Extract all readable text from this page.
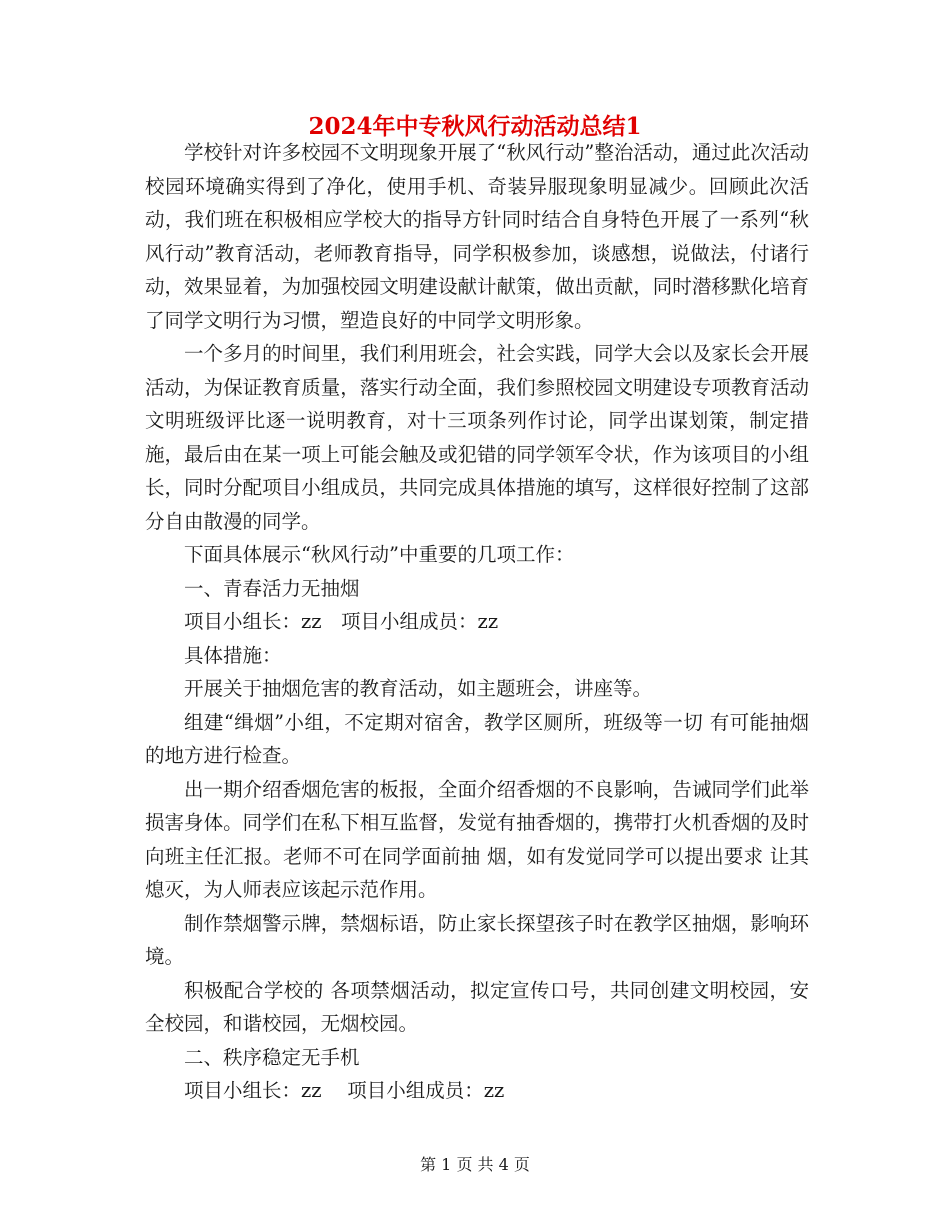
2024年中专秋风行动活动总结1

学校针对许多校园不文明现象开展了“秋风行动”整治活动，通过此次活动校园环境确实得到了净化，使用手机、奇装异服现象明显减少。回顾此次活动，我们班在积极相应学校大的指导方针同时结合自身特色开展了一系列“秋风行动”教育活动，老师教育指导，同学积极参加，谈感想，说做法，付诸行动，效果显着，为加强校园文明建设献计献策，做出贡献，同时潜移默化培育了同学文明行为习惯，塑造良好的中同学文明形象。

一个多月的时间里，我们利用班会，社会实践，同学大会以及家长会开展活动，为保证教育质量，落实行动全面，我们参照校园文明建设专项教育活动文明班级评比逐一说明教育，对十三项条列作讨论，同学出谋划策，制定措施，最后由在某一项上可能会触及或犯错的同学领军令状，作为该项目的小组长，同时分配项目小组成员，共同完成具体措施的填写，这样很好控制了这部分自由散漫的同学。

下面具体展示“秋风行动”中重要的几项工作：

一、青春活力无抽烟

项目小组长：zz　项目小组成员：zz

具体措施：

开展关于抽烟危害的教育活动，如主题班会，讲座等。

组建“缉烟”小组，不定期对宿舍，教学区厕所，班级等一切 有可能抽烟的地方进行检查。

出一期介绍香烟危害的板报，全面介绍香烟的不良影响，告诫同学们此举损害身体。同学们在私下相互监督，发觉有抽香烟的，携带打火机香烟的及时向班主任汇报。老师不可在同学面前抽 烟，如有发觉同学可以提出要求 让其熄灭，为人师表应该起示范作用。

制作禁烟警示牌，禁烟标语，防止家长探望孩子时在教学区抽烟，影响环境。

积极配合学校的 各项禁烟活动，拟定宣传口号，共同创建文明校园，安全校园，和谐校园，无烟校园。

二、秩序稳定无手机

项目小组长：zz　 项目小组成员：zz

第 1 页 共 4 页
